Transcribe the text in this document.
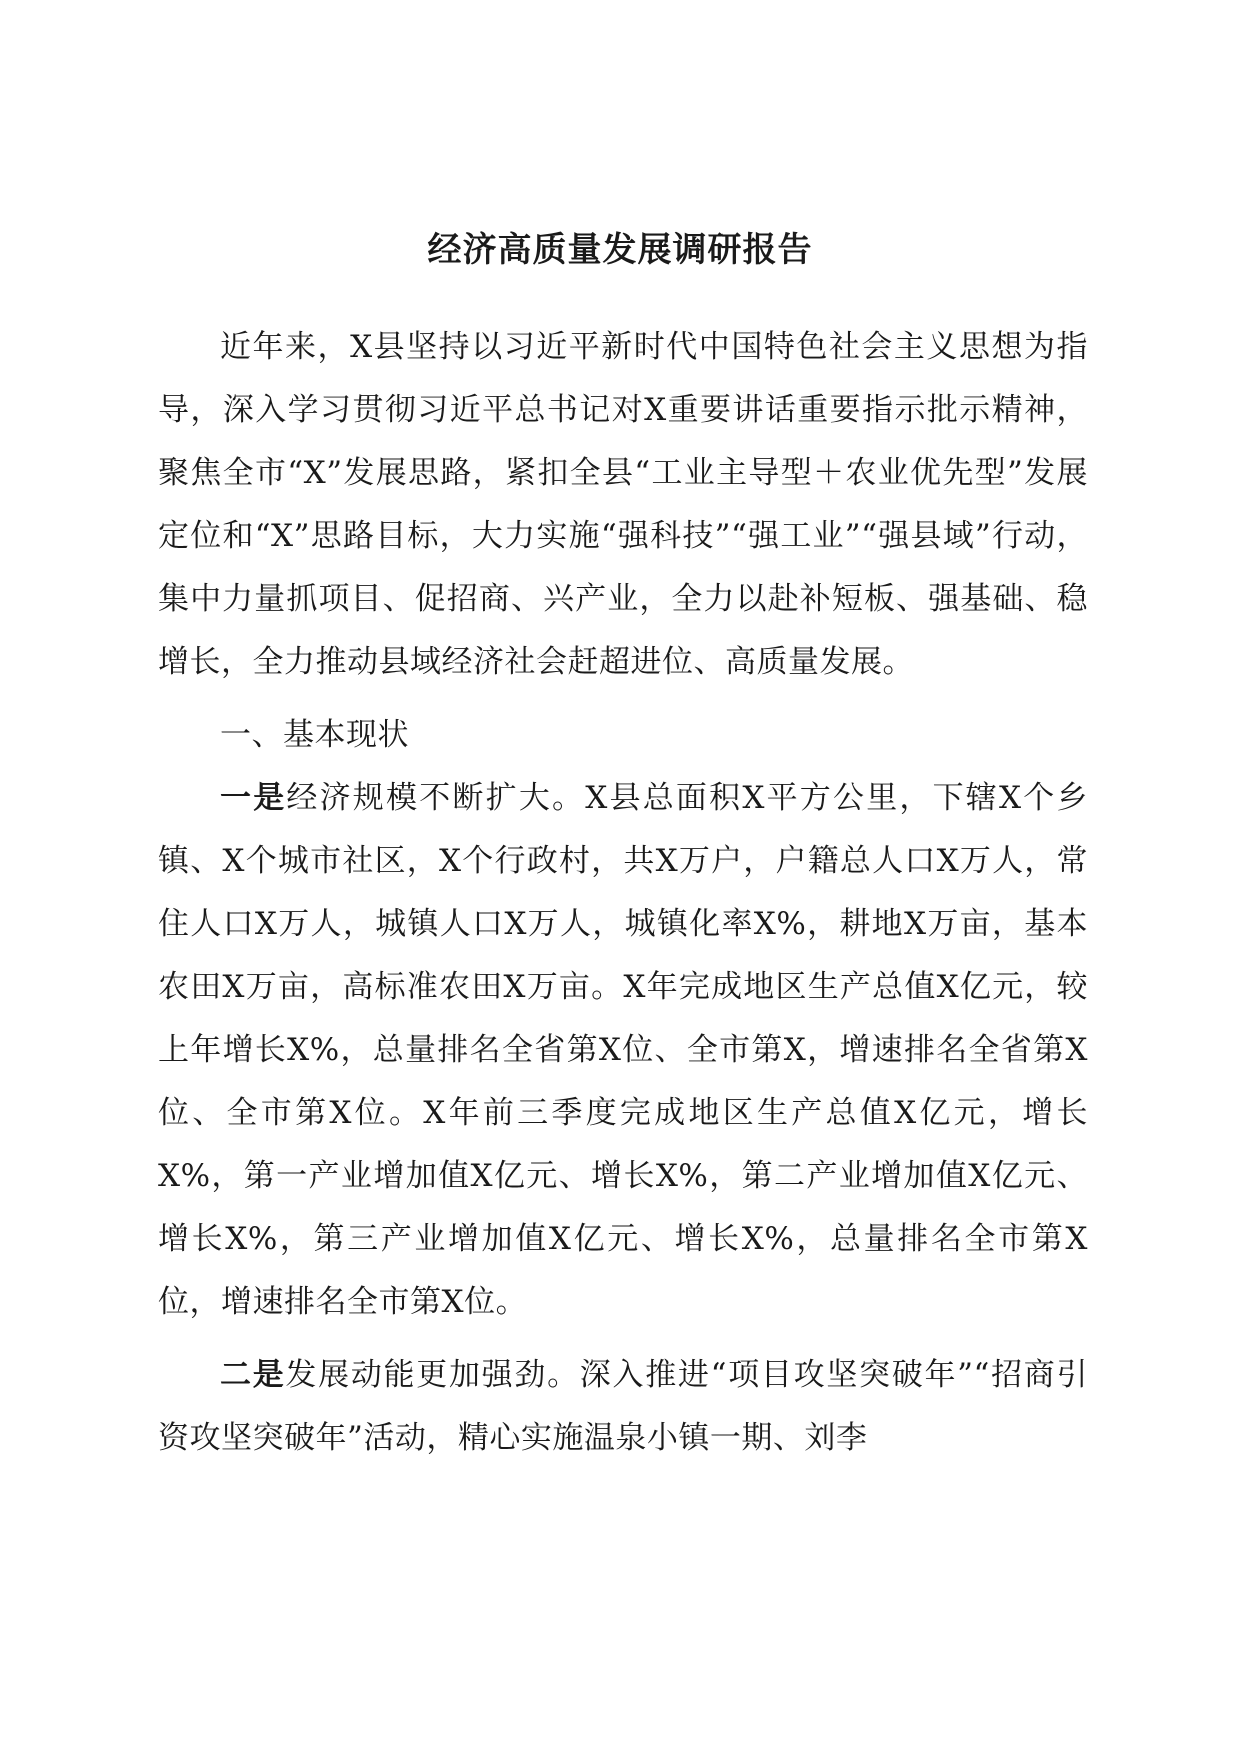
经济高质量发展调研报告

近年来，X县坚持以习近平新时代中国特色社会主义思想为指导，深入学习贯彻习近平总书记对X重要讲话重要指示批示精神，聚焦全市“X”发展思路，紧扣全县“工业主导型＋农业优先型”发展定位和“X”思路目标，大力实施“强科技”“强工业”“强县域”行动，集中力量抓项目、促招商、兴产业，全力以赴补短板、强基础、稳增长，全力推动县域经济社会赶超进位、高质量发展。

一、基本现状

一是经济规模不断扩大。X县总面积X平方公里，下辖X个乡镇、X个城市社区，X个行政村，共X万户，户籍总人口X万人，常住人口X万人，城镇人口X万人，城镇化率X%，耕地X万亩，基本农田X万亩，高标准农田X万亩。X年完成地区生产总值X亿元，较上年增长X%，总量排名全省第X位、全市第X，增速排名全省第X位、全市第X位。X年前三季度完成地区生产总值X亿元，增长X%，第一产业增加值X亿元、增长X%，第二产业增加值X亿元、增长X%，第三产业增加值X亿元、增长X%，总量排名全市第X位，增速排名全市第X位。

二是发展动能更加强劲。深入推进“项目攻坚突破年”“招商引资攻坚突破年”活动，精心实施温泉小镇一期、刘李
